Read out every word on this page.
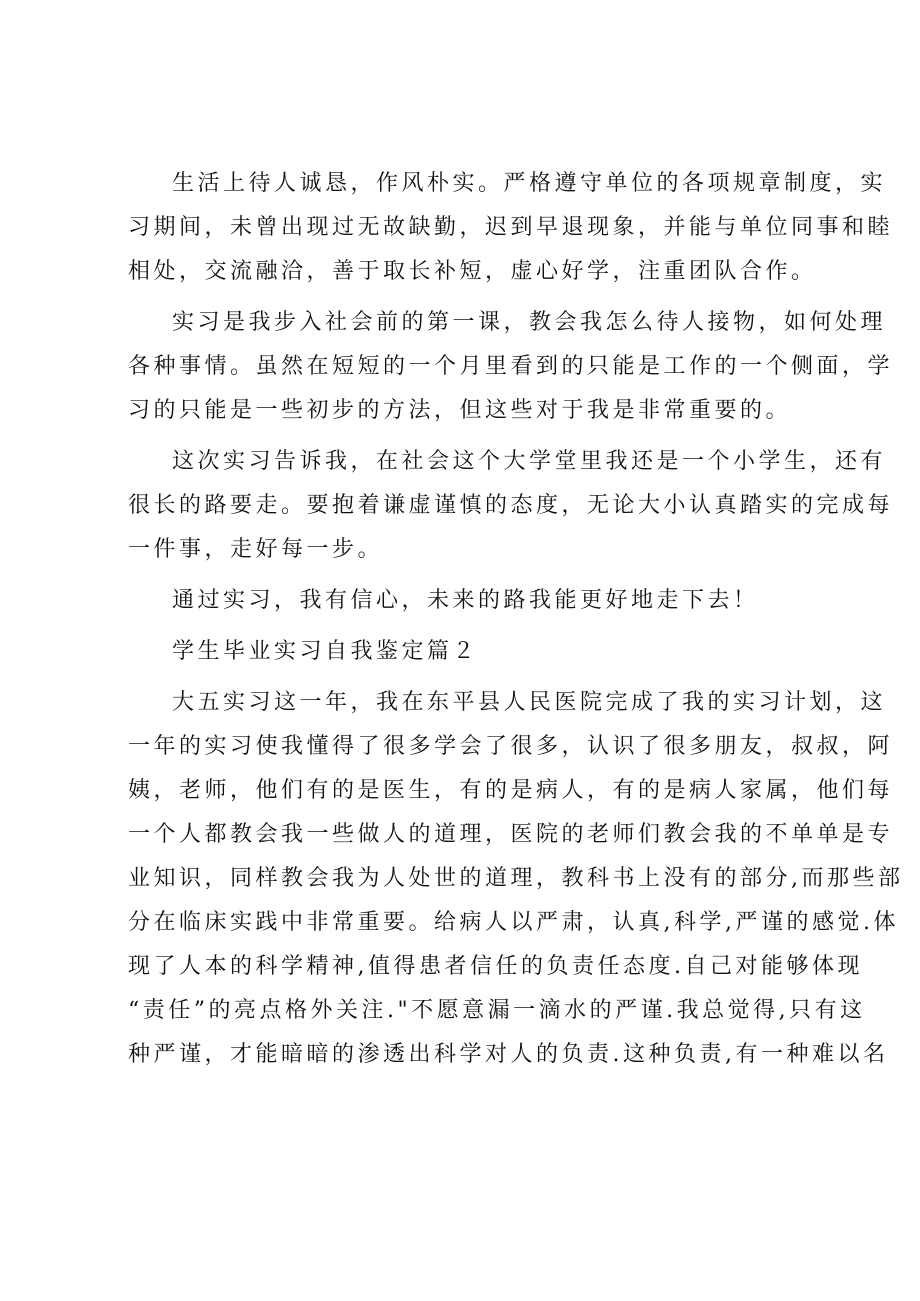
生活上待人诚恳，作风朴实。严格遵守单位的各项规章制度，实
习期间，未曾出现过无故缺勤，迟到早退现象，并能与单位同事和睦
相处，交流融洽，善于取长补短，虚心好学，注重团队合作。
实习是我步入社会前的第一课，教会我怎么待人接物，如何处理
各种事情。虽然在短短的一个月里看到的只能是工作的一个侧面，学
习的只能是一些初步的方法，但这些对于我是非常重要的。
这次实习告诉我，在社会这个大学堂里我还是一个小学生，还有
很长的路要走。要抱着谦虚谨慎的态度，无论大小认真踏实的完成每
一件事，走好每一步。
通过实习，我有信心，未来的路我能更好地走下去！
学生毕业实习自我鉴定篇２
大五实习这一年，我在东平县人民医院完成了我的实习计划，这
一年的实习使我懂得了很多学会了很多，认识了很多朋友，叔叔，阿
姨，老师，他们有的是医生，有的是病人，有的是病人家属，他们每
一个人都教会我一些做人的道理，医院的老师们教会我的不单单是专
业知识，同样教会我为人处世的道理，教科书上没有的部分,而那些部
分在临床实践中非常重要。给病人以严肃，认真,科学,严谨的感觉.体
现了人本的科学精神,值得患者信任的负责任态度.自己对能够体现
“责任”的亮点格外关注."不愿意漏一滴水的严谨.我总觉得,只有这
种严谨，才能暗暗的渗透出科学对人的负责.这种负责,有一种难以名
